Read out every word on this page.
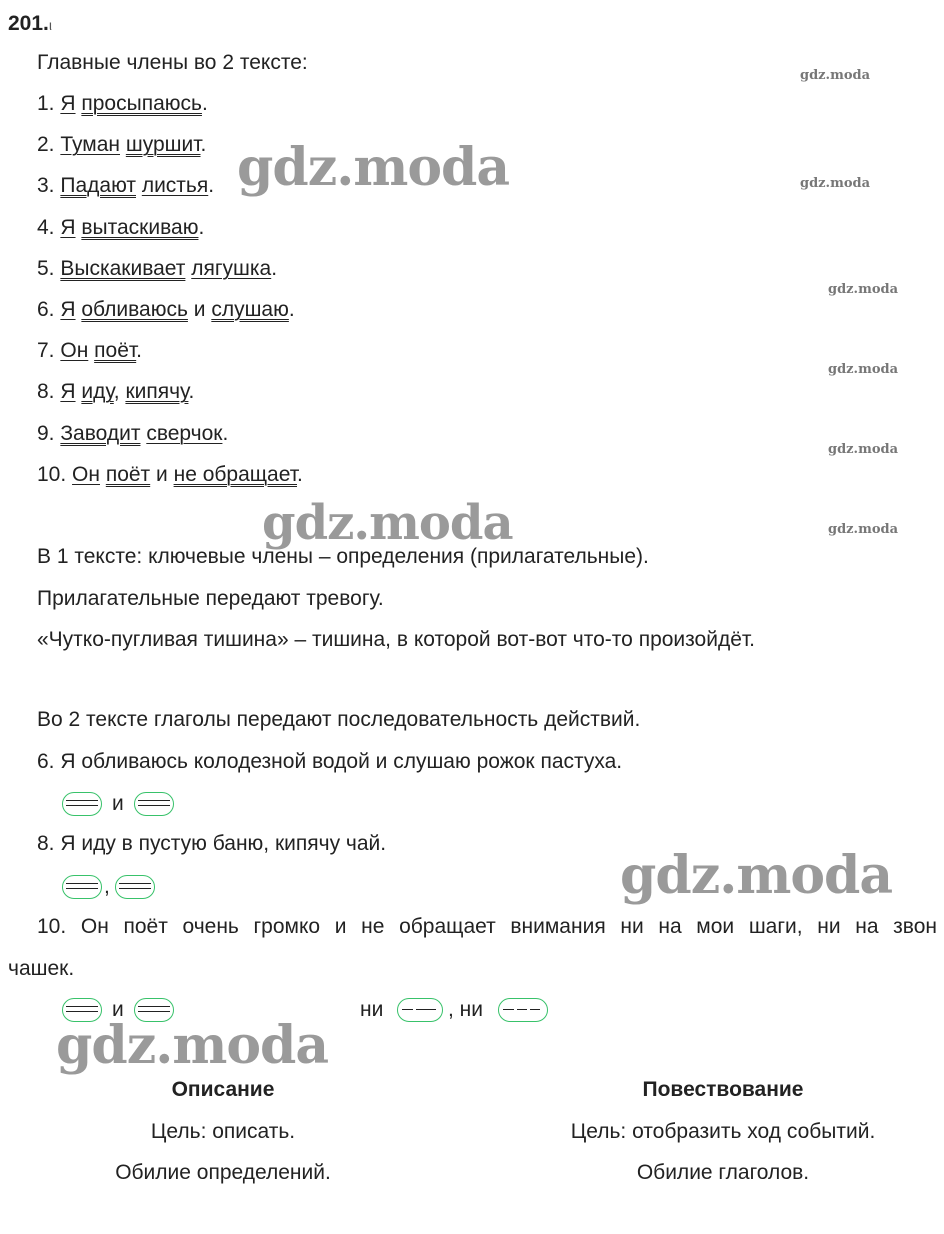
201.ι
Главные члены во 2 тексте:
1. Я просыпаюсь.
2. Туман шуршит.
3. Падают листья.
4. Я вытаскиваю.
5. Выскакивает лягушка.
6. Я обливаюсь и слушаю.
7. Он поёт.
8. Я иду, кипячу.
9. Заводит сверчок.
10. Он поёт и не обращает.
В 1 тексте: ключевые члены – определения (прилагательные).
Прилагательные передают тревогу.
«Чутко-пугливая тишина» – тишина, в которой вот-вот что-то произойдёт.
Во 2 тексте глаголы передают последовательность действий.
6. Я обливаюсь колодезной водой и слушаю рожок пастуха.
и
8. Я иду в пустую баню, кипячу чай.
,
10. Он поёт очень громко и не обращает внимания ни на мои шаги, ни на звон
чашек.
и	ни	, ни
Описание
Цель: описать.
Обилие определений.
Повествование
Цель: отобразить ход событий.
Обилие глаголов.
gdz.moda
gdz.moda
gdz.moda
gdz.moda
gdz.moda
gdz.moda
gdz.moda
gdz.moda
gdz.moda
gdz.moda
